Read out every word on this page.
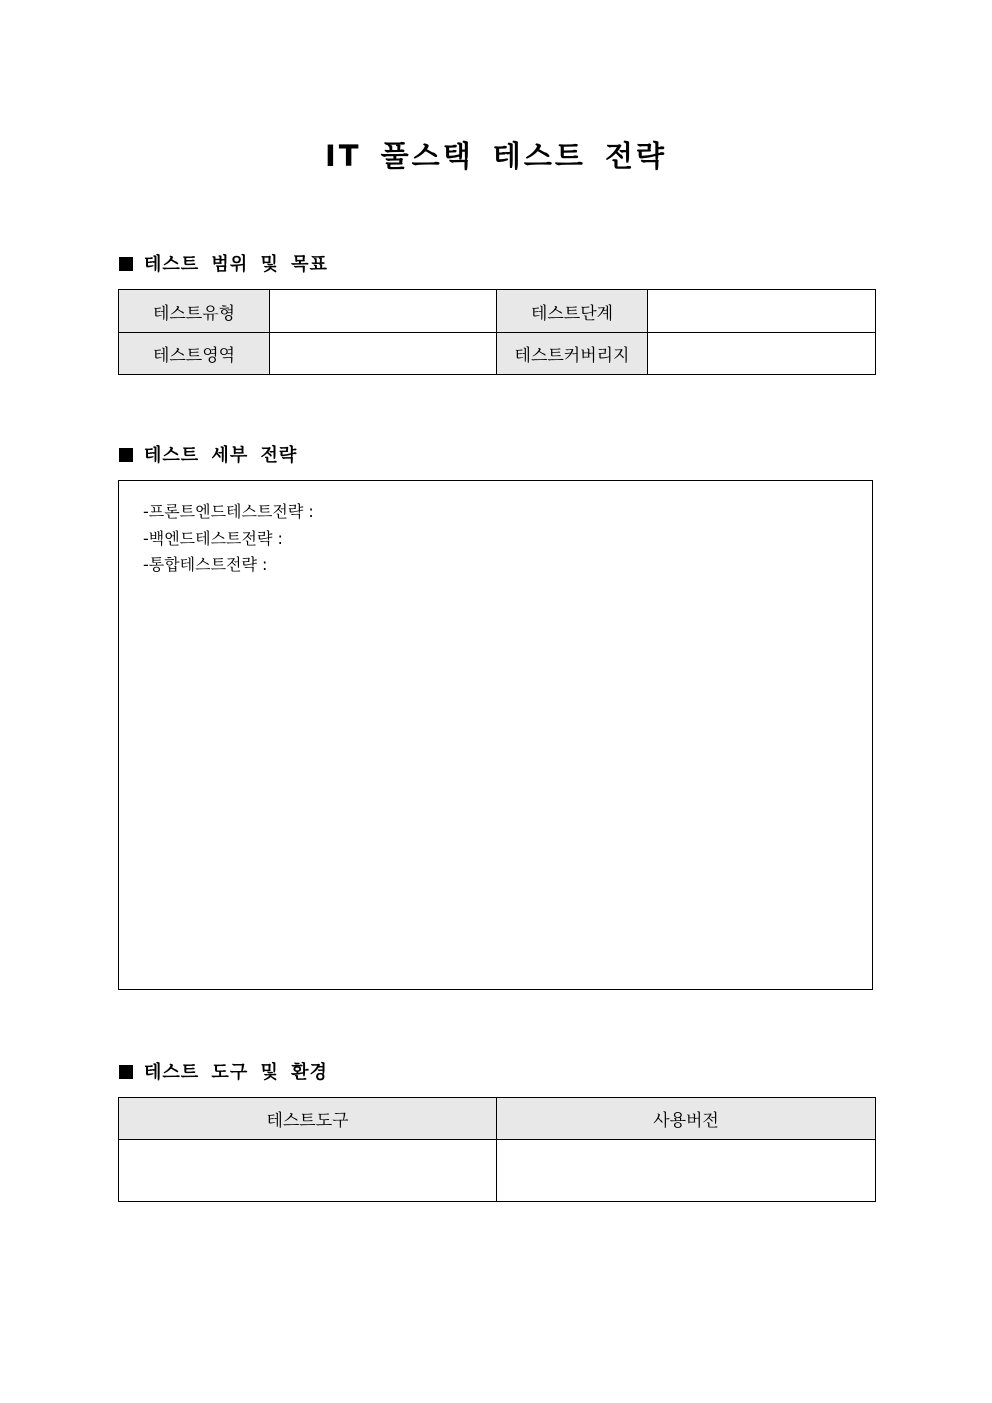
IT 풀스택 테스트 전략
테스트 범위 및 목표
테스트유형		테스트단계	
테스트영역		테스트커버리지	
테스트 세부 전략
-프론트엔드테스트전략 :
-백엔드테스트전략 :
-통합테스트전략 :
테스트 도구 및 환경
테스트도구	사용버전
